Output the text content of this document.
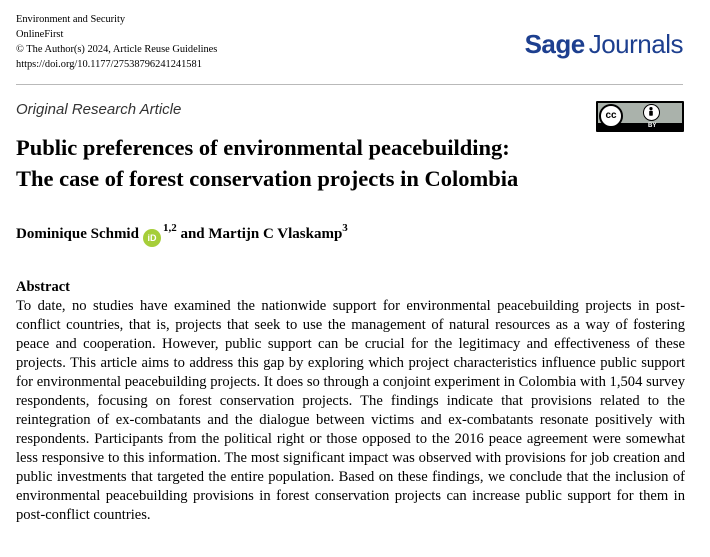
Environment and Security
OnlineFirst
© The Author(s) 2024, Article Reuse Guidelines
https://doi.org/10.1177/27538796241241581
Sage Journals
Original Research Article	cc
BY
Public preferences of environmental peacebuilding:
The case of forest conservation projects in Colombia
Dominique Schmid iD$^{1,2}$ and Martijn C Vlaskamp$^3$
Abstract
To date, no studies have examined the nationwide support for environmental peacebuilding projects in post-conflict countries, that is, projects that seek to use the management of natural resources as a way of fostering peace and cooperation. However, public support can be crucial for the legitimacy and effectiveness of these projects. This article aims to address this gap by exploring which project characteristics influence public support for environmental peacebuilding projects. It does so through a conjoint experiment in Colombia with 1,504 survey respondents, focusing on forest conservation projects. The findings indicate that provisions related to the reintegration of ex-combatants and the dialogue between victims and ex-combatants resonate positively with respondents. Participants from the political right or those opposed to the 2016 peace agreement were somewhat less responsive to this information. The most significant impact was observed with provisions for job creation and public investments that targeted the entire population. Based on these findings, we conclude that the inclusion of environmental peacebuilding provisions in forest conservation projects can increase public support for them in post-conflict countries.
